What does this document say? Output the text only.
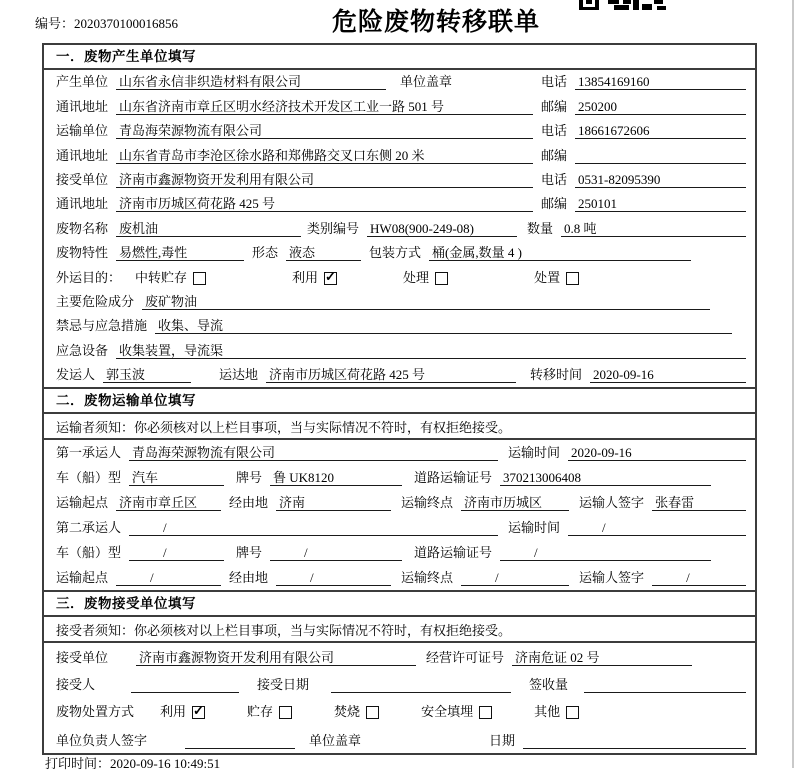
编号：2020370100016856	危险废物转移联单
一．废物产生单位填写
产生单位 山东省永信非织造材料有限公司	单位盖章	电话 13854169160
通讯地址 山东省济南市章丘区明水经济技术开发区工业一路 501 号	邮编 250200
运输单位 青岛海荣源物流有限公司	电话 18661672606
通讯地址 山东省青岛市李沧区徐水路和郑佛路交叉口东侧 20 米	邮编
接受单位 济南市鑫源物资开发利用有限公司	电话 0531-82095390
通讯地址 济南市历城区荷花路 425 号	邮编 250101
废物名称 废机油	类别编号 HW08(900-249-08)	数量 0.8 吨
废物特性 易燃性,毒性	形态 液态	包装方式 桶(金属,数量 4 )
外运目的： 中转贮存	利用 ✓	处理	处置
主要危险成分 废矿物油
禁忌与应急措施 收集、导流
应急设备 收集装置，导流渠
发运人 郭玉波	运达地 济南市历城区荷花路 425 号	转移时间 2020-09-16
二．废物运输单位填写
运输者须知：你必须核对以上栏目事项，当与实际情况不符时，有权拒绝接受。
第一承运人 青岛海荣源物流有限公司	运输时间 2020-09-16
车（船）型 汽车	牌号 鲁 UK8120	道路运输证号 370213006408
运输起点 济南市章丘区	经由地 济南	运输终点 济南市历城区	运输人签字 张春雷
第二承运人	/	运输时间	/
车（船）型	/	牌号	/	道路运输证号	/
运输起点	/	经由地	/	运输终点	/	运输人签字	/
三．废物接受单位填写
接受者须知：你必须核对以上栏目事项，当与实际情况不符时，有权拒绝接受。
接受单位 济南市鑫源物资开发利用有限公司	经营许可证号 济南危证 02 号
接受人	接受日期	签收量
废物处置方式 利用 ✓	贮存	焚烧	安全填埋	其他
单位负责人签字	单位盖章	日期
打印时间：2020-09-16 10:49:51
